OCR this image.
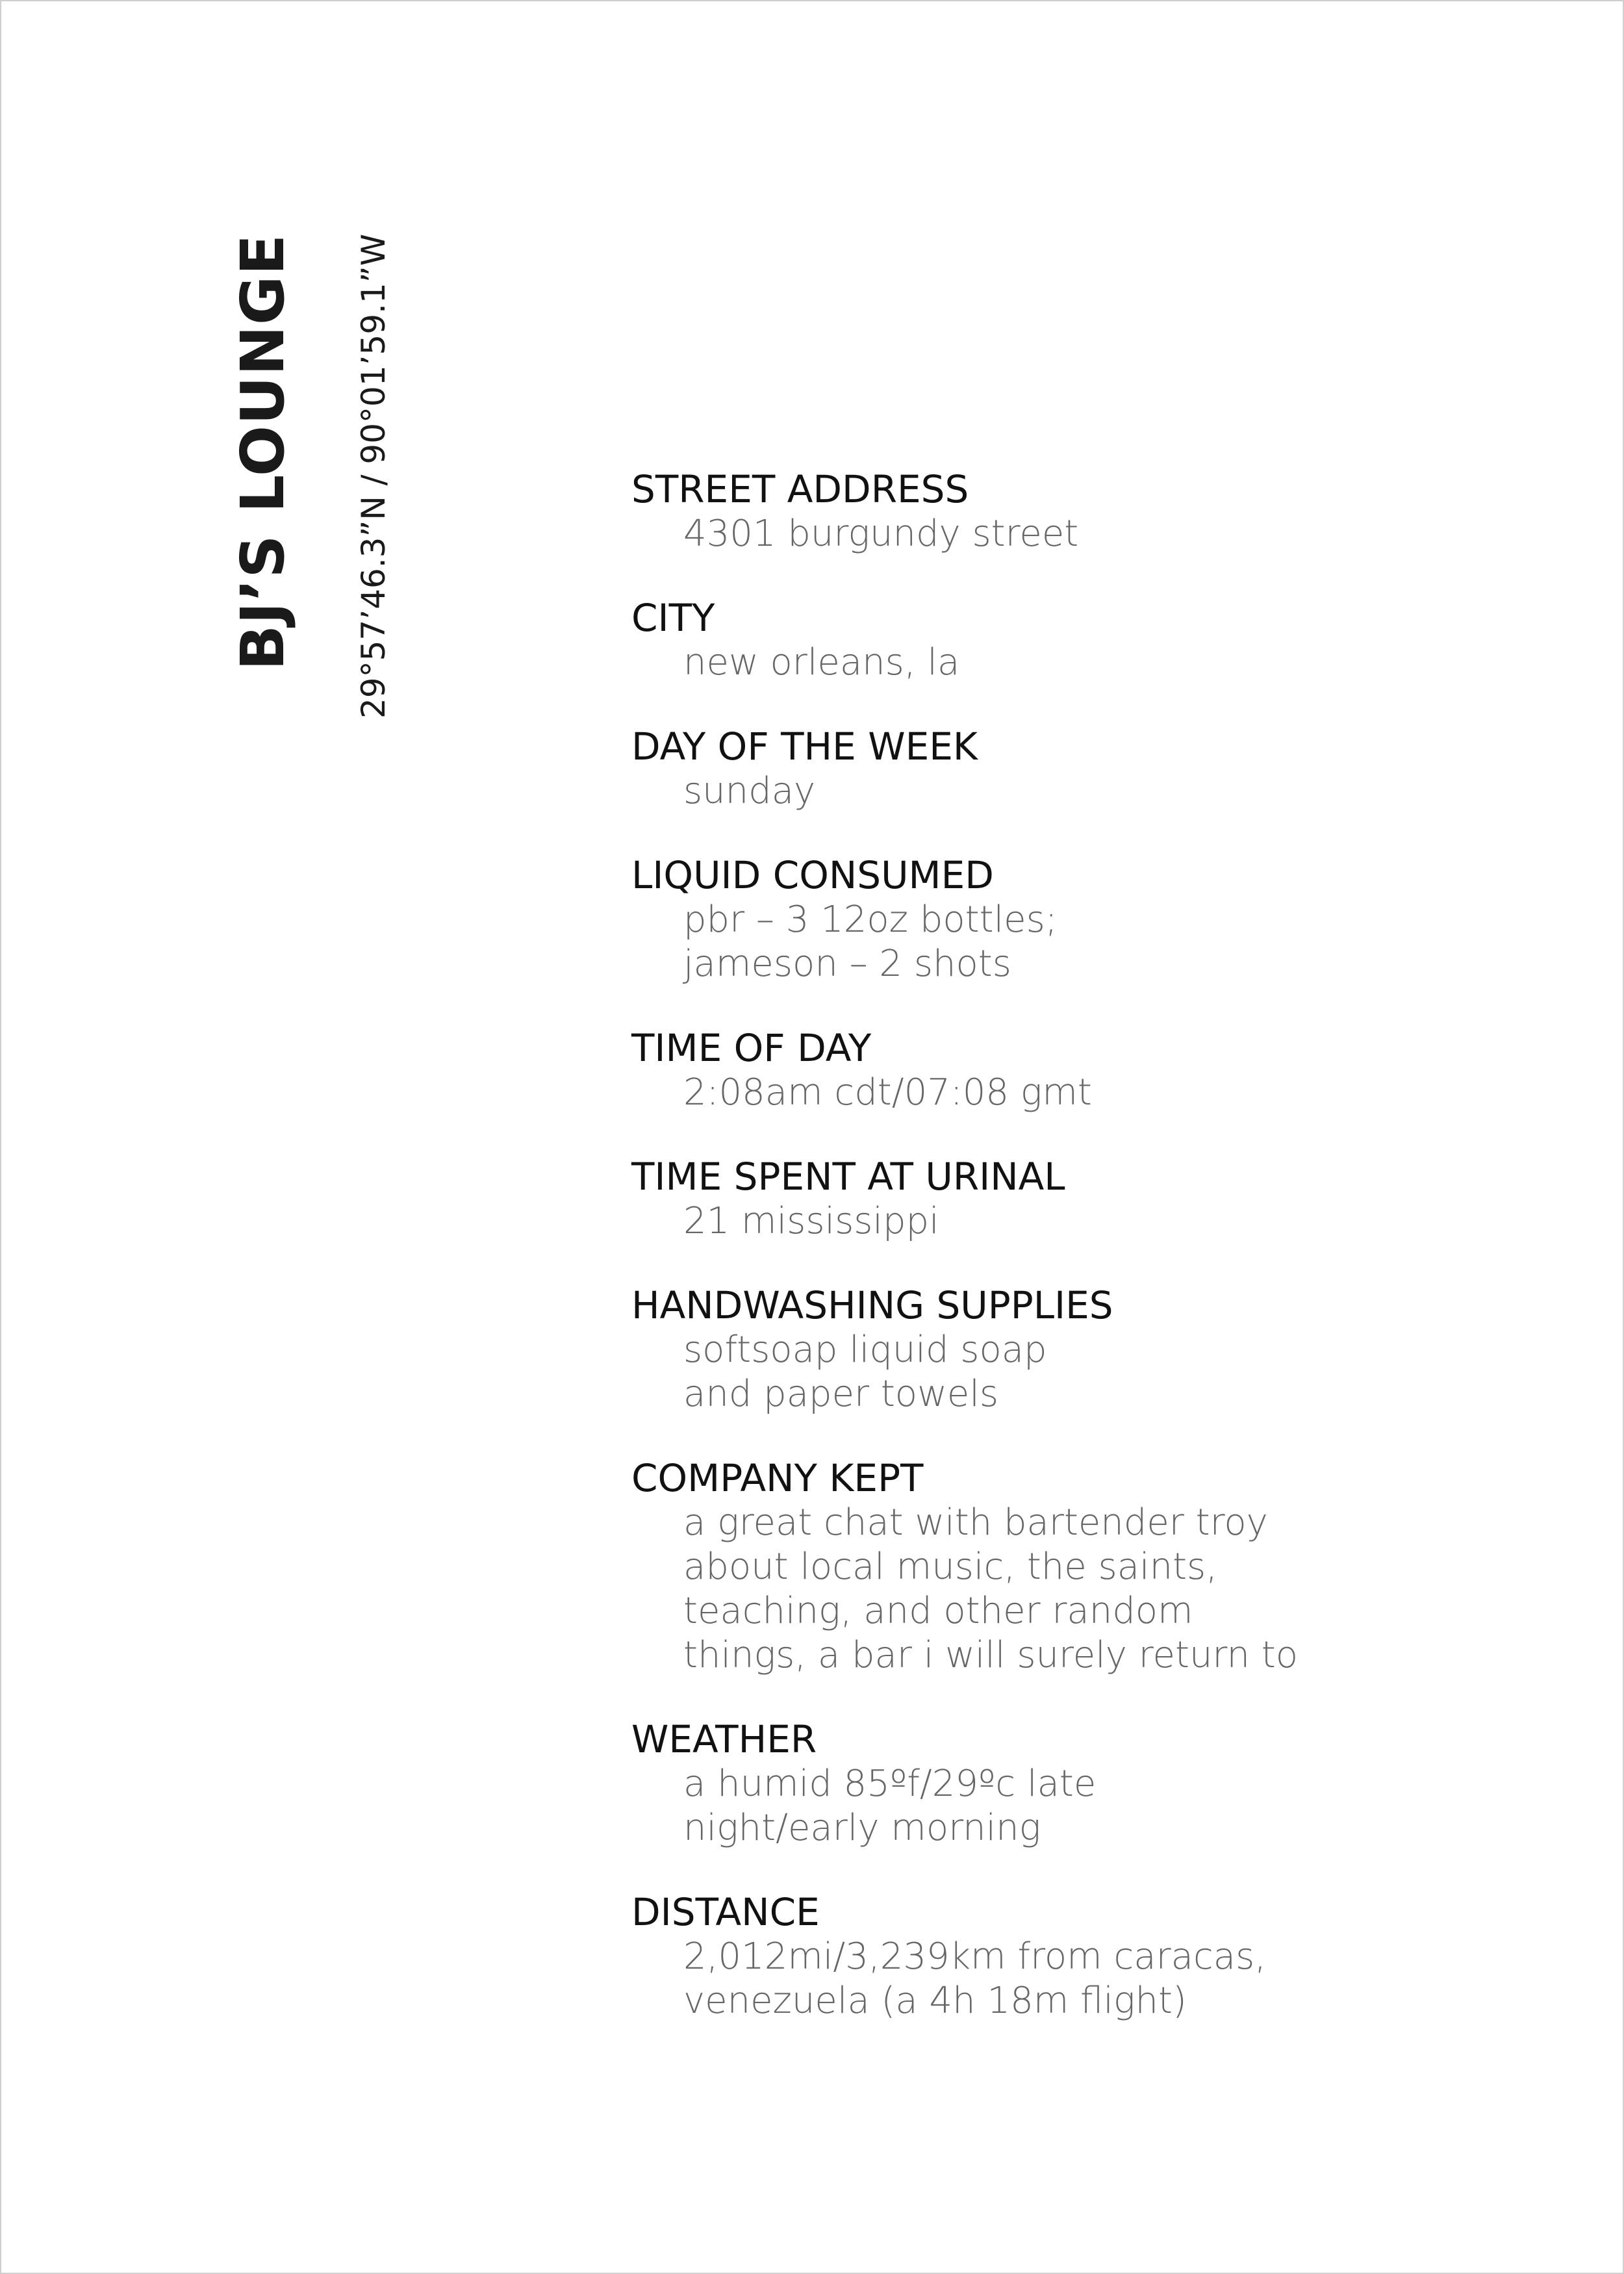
BJ’S LOUNGE 29°57’46.3”N / 90°01’59.1”W	STREET ADDRESS
4301 burgundy street
CITY
new orleans, la
DAY OF THE WEEK
sunday
LIQUID CONSUMED
pbr – 3 12oz bottles;
jameson – 2 shots
TIME OF DAY
2:08am cdt/07:08 gmt
TIME SPENT AT URINAL
21 mississippi
HANDWASHING SUPPLIES
softsoap liquid soap
and paper towels
COMPANY KEPT
a great chat with bartender troy
about local music, the saints,
teaching, and other random
things, a bar i will surely return to
WEATHER
a humid 85ºf/29ºc late
night/early morning
DISTANCE
2,012mi/3,239km from caracas,
venezuela (a 4h 18m flight)
